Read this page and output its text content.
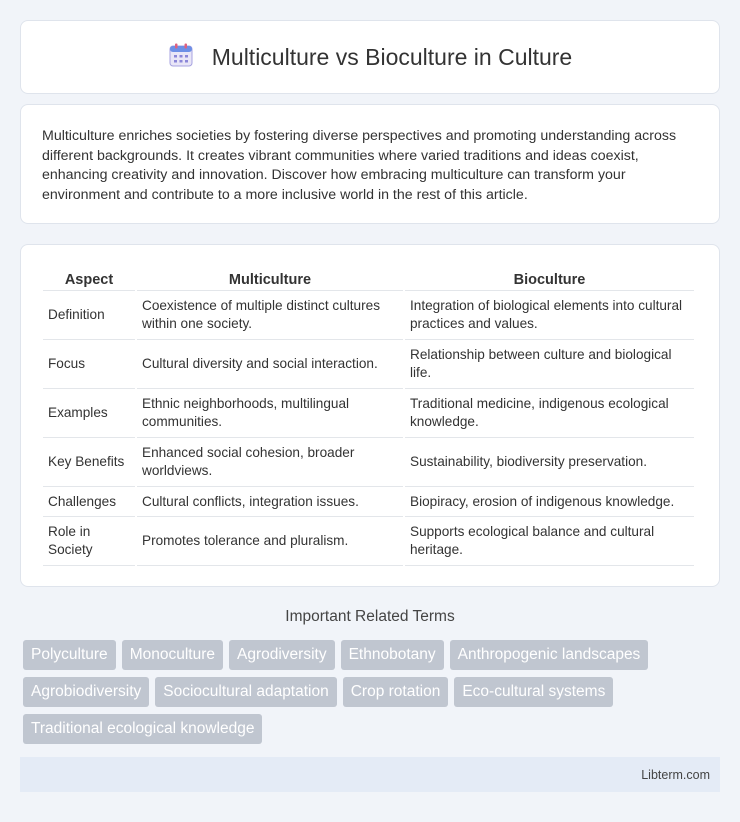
Multiculture vs Bioculture in Culture

Multiculture enriches societies by fostering diverse perspectives and promoting understanding across different backgrounds. It creates vibrant communities where varied traditions and ideas coexist, enhancing creativity and innovation. Discover how embracing multiculture can transform your environment and contribute to a more inclusive world in the rest of this article.

Aspect	Multiculture	Bioculture
Definition	Coexistence of multiple distinct cultures within one society.	Integration of biological elements into cultural practices and values.
Focus	Cultural diversity and social interaction.	Relationship between culture and biological life.
Examples	Ethnic neighborhoods, multilingual communities.	Traditional medicine, indigenous ecological knowledge.
Key Benefits	Enhanced social cohesion, broader worldviews.	Sustainability, biodiversity preservation.
Challenges	Cultural conflicts, integration issues.	Biopiracy, erosion of indigenous knowledge.
Role in Society	Promotes tolerance and pluralism.	Supports ecological balance and cultural heritage.
Important Related Terms
Polyculture	Monoculture	Agrodiversity	Ethnobotany	Anthropogenic landscapes
Agrobiodiversity	Sociocultural adaptation	Crop rotation	Eco-cultural systems
Traditional ecological knowledge
Libterm.com
